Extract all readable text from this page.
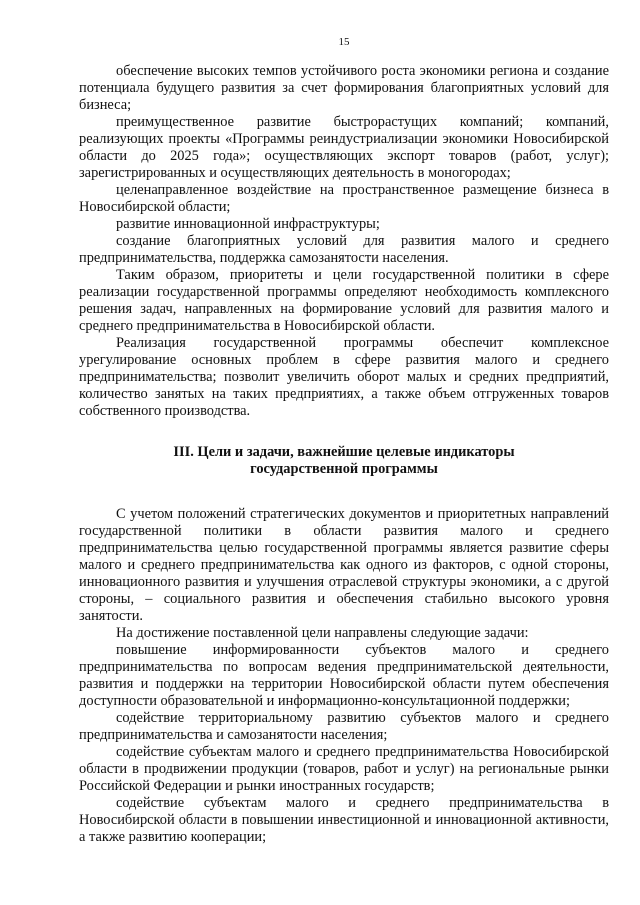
15

обеспечение высоких темпов устойчивого роста экономики региона и создание потенциала будущего развития за счет формирования благоприятных условий для бизнеса;

преимущественное развитие быстрорастущих компаний; компаний, реализующих проекты «Программы реиндустриализации экономики Новосибирской области до 2025 года»; осуществляющих экспорт товаров (работ, услуг); зарегистрированных и осуществляющих деятельность в моногородах;

целенаправленное воздействие на пространственное размещение бизнеса в Новосибирской области;

развитие инновационной инфраструктуры;

создание благоприятных условий для развития малого и среднего предпринимательства, поддержка самозанятости населения.

Таким образом, приоритеты и цели государственной политики в сфере реализации государственной программы определяют необходимость комплексного решения задач, направленных на формирование условий для развития малого и среднего предпринимательства в Новосибирской области.

Реализация государственной программы обеспечит комплексное урегулирование основных проблем в сфере развития малого и среднего предпринимательства; позволит увеличить оборот малых и средних предприятий, количество занятых на таких предприятиях, а также объем отгруженных товаров собственного производства.

III. Цели и задачи, важнейшие целевые индикаторы
государственной программы

С учетом положений стратегических документов и приоритетных направлений государственной политики в области развития малого и среднего предпринимательства целью государственной программы является развитие сферы малого и среднего предпринимательства как одного из факторов, с одной стороны, инновационного развития и улучшения отраслевой структуры экономики, а с другой стороны, – социального развития и обеспечения стабильно высокого уровня занятости.

На достижение поставленной цели направлены следующие задачи:

повышение информированности субъектов малого и среднего предпринимательства по вопросам ведения предпринимательской деятельности, развития и поддержки на территории Новосибирской области путем обеспечения доступности образовательной и информационно-консультационной поддержки;

содействие территориальному развитию субъектов малого и среднего предпринимательства и самозанятости населения;

содействие субъектам малого и среднего предпринимательства Новосибирской области в продвижении продукции (товаров, работ и услуг) на региональные рынки Российской Федерации и рынки иностранных государств;

содействие субъектам малого и среднего предпринимательства в Новосибирской области в повышении инвестиционной и инновационной активности, а также развитию кооперации;
